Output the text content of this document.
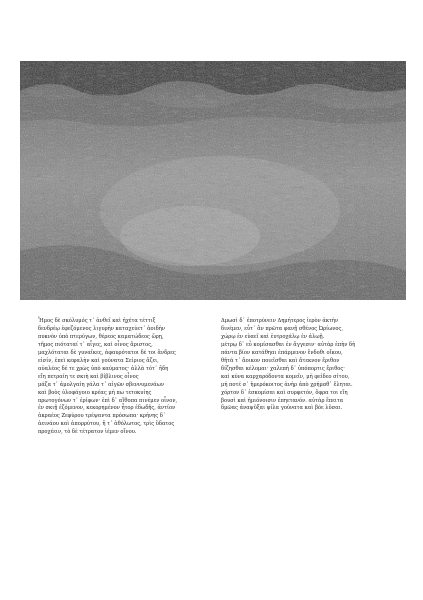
Ἦμος δὲ σκόλυμός τ᾽ ἀνθεῖ καὶ ἠχέτα τέττιξ
δενδρέῳ ἐφεζόμενος λιγυρὴν καταχεύετ᾽ ἀοιδὴν
πυκνὸν ὑπὸ πτερύγων, θέρεος καματώδεος ὥρῃ,
τῆμος πιόταταί τ᾽ αἶγες, καὶ οἶνος ἄριστος,
μαχλόταται δὲ γυναῖκες, ἀφαυρότατοι δέ τοι ἄνδρες
εἰσίν, ἐπεὶ κεφαλὴν καὶ γούνατα Σείριος ἄζει,
αὐαλέος δέ τε χρὼς ὑπὸ καύματος· ἀλλὰ τότ᾽ ἤδη
εἴη πετραίη τε σκιὴ καὶ βίβλινος οἶνος
μάζα τ᾽ ἀμολγαίη γάλα τ᾽ αἰγῶν σβεννυμενάων
καὶ βοὸς ὑλοφάγοιο κρέας μή πω τετοκυίης
πρωτογόνων τ᾽ ἐρίφων· ἐπὶ δ᾽ αἴθοπα πινέμεν οἶνον,
ἐν σκιῇ ἑζόμενον, κεκορημένον ἦτορ ἐδωδῆς, ἀντίον
ἀκραέος Ζεφύρου τρέψαντα πρόσωπα· κρήνης δ᾽
ἀεινάου καὶ ἀπορρύτου, ἥ τ᾽ ἀθόλωτος, τρὶς ὕδατος
προχέειν, τὸ δὲ τέτρατον ἱέμεν οἴνου.
Δμωσὶ δ᾽ ἐποτρύνειν Δημήτερος ἱερὸν ἀκτὴν
δινέμεν, εὖτ᾽ ἂν πρῶτα φανῇ σθένος Ὠρίωνος,
χώρῳ ἐν εὐαεῖ καὶ ἐυτροχάλῳ ἐν ἀλωῇ.
μέτρῳ δ᾽ εὖ κομίσασθαι ἐν ἄγγεσιν· αὐτὰρ ἐπὴν δὴ
πάντα βίον κατάθηαι ἐπάρμενον ἔνδοθι οἴκου,
θῆτά τ᾽ ἄοικον ποιεῖσθαι καὶ ἄτεκνον ἔριθον
δίζησθαι κέλομαι· χαλεπὴ δ᾽ ὑπόπορτις ἔριθος·
καὶ κύνα καρχαρόδοντα κομεῖν, μὴ φείδεο σίτου,
μή ποτέ σ᾽ ἡμερόκοιτος ἀνὴρ ἀπὸ χρήμαθ᾽ ἕληται.
χόρτον δ᾽ ἐσκομίσαι καὶ συρφετόν, ὄφρα τοι εἴη
βουσὶ καὶ ἡμιόνοισιν ἐπηετανόν. αὐτὰρ ἔπειτα
δμῶας ἀναψῦξαι φίλα γούνατα καὶ βόε λῦσαι.
